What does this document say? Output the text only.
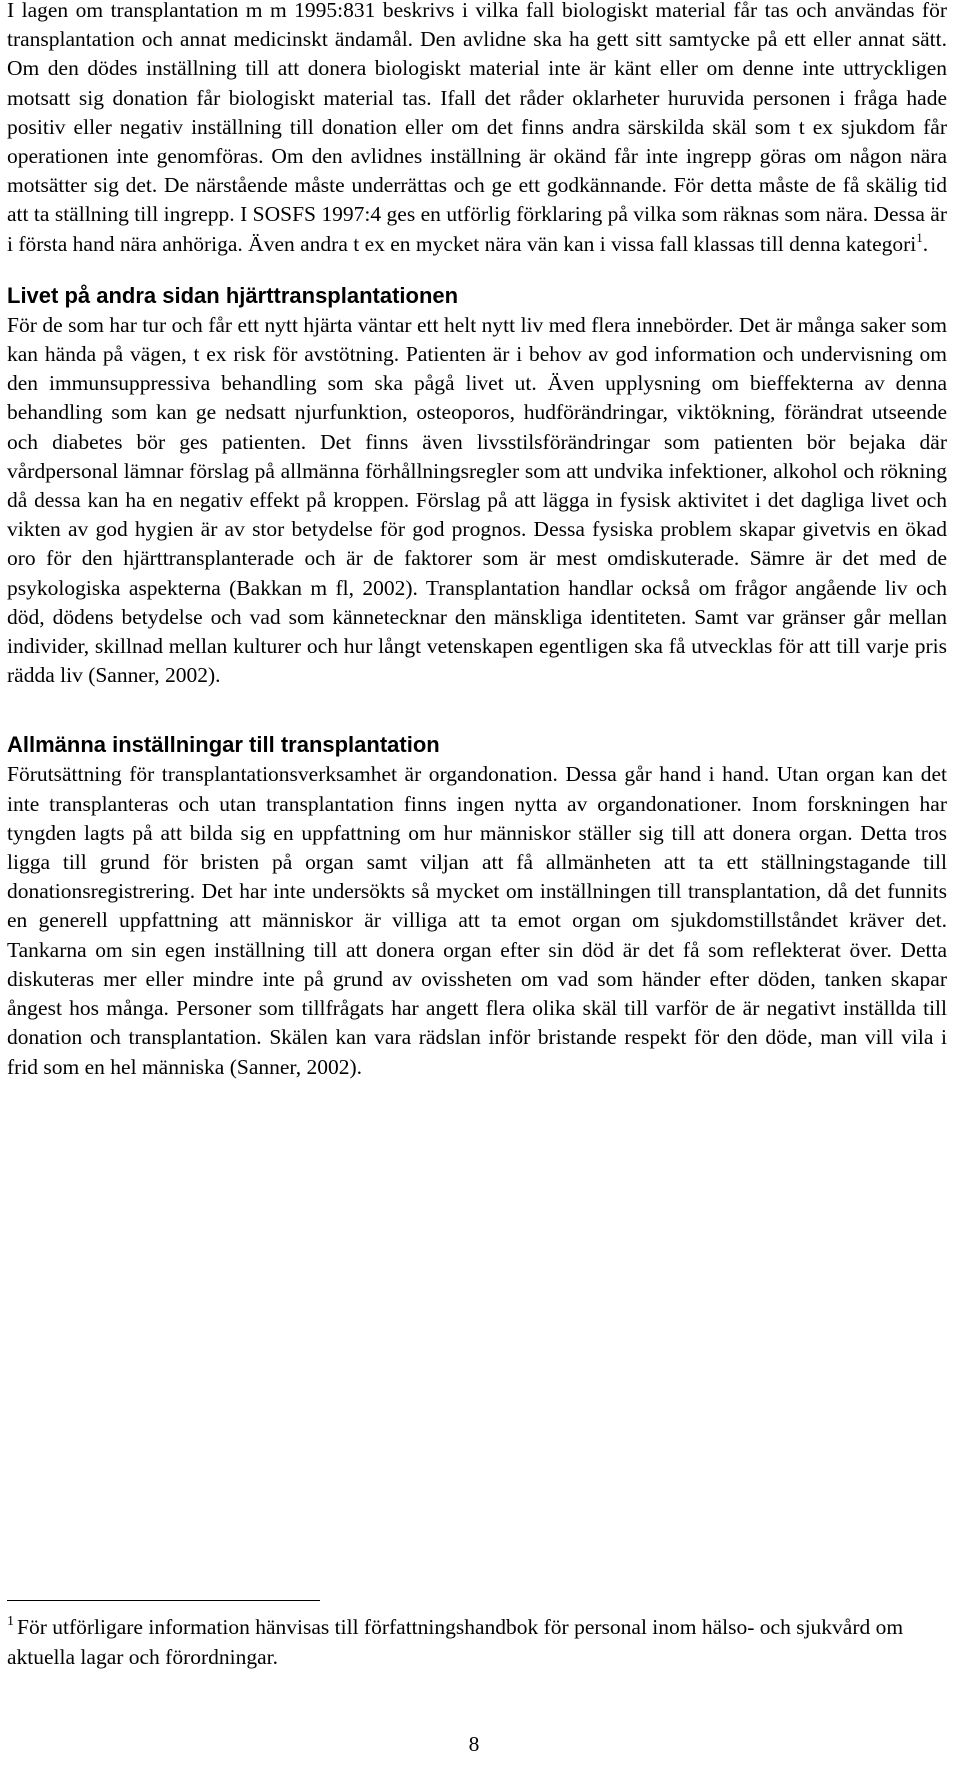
I lagen om transplantation m m 1995:831 beskrivs i vilka fall biologiskt material får tas och användas för transplantation och annat medicinskt ändamål. Den avlidne ska ha gett sitt samtycke på ett eller annat sätt. Om den dödes inställning till att donera biologiskt material inte är känt eller om denne inte uttryckligen motsatt sig donation får biologiskt material tas. Ifall det råder oklarheter huruvida personen i fråga hade positiv eller negativ inställning till donation eller om det finns andra särskilda skäl som t ex sjukdom får operationen inte genomföras. Om den avlidnes inställning är okänd får inte ingrepp göras om någon nära motsätter sig det. De närstående måste underrättas och ge ett godkännande. För detta måste de få skälig tid att ta ställning till ingrepp. I SOSFS 1997:4 ges en utförlig förklaring på vilka som räknas som nära. Dessa är i första hand nära anhöriga. Även andra t ex en mycket nära vän kan i vissa fall klassas till denna kategori$^1$.

Livet på andra sidan hjärttransplantationen

För de som har tur och får ett nytt hjärta väntar ett helt nytt liv med flera innebörder. Det är många saker som kan hända på vägen, t ex risk för avstötning. Patienten är i behov av god information och undervisning om den immunsuppressiva behandling som ska pågå livet ut. Även upplysning om bieffekterna av denna behandling som kan ge nedsatt njurfunktion, osteoporos, hudförändringar, viktökning, förändrat utseende och diabetes bör ges patienten. Det finns även livsstilsförändringar som patienten bör bejaka där vårdpersonal lämnar förslag på allmänna förhållningsregler som att undvika infektioner, alkohol och rökning då dessa kan ha en negativ effekt på kroppen. Förslag på att lägga in fysisk aktivitet i det dagliga livet och vikten av god hygien är av stor betydelse för god prognos. Dessa fysiska problem skapar givetvis en ökad oro för den hjärttransplanterade och är de faktorer som är mest omdiskuterade. Sämre är det med de psykologiska aspekterna (Bakkan m fl, 2002). Transplantation handlar också om frågor angående liv och död, dödens betydelse och vad som kännetecknar den mänskliga identiteten. Samt var gränser går mellan individer, skillnad mellan kulturer och hur långt vetenskapen egentligen ska få utvecklas för att till varje pris rädda liv (Sanner, 2002).

Allmänna inställningar till transplantation

Förutsättning för transplantationsverksamhet är organdonation. Dessa går hand i hand. Utan organ kan det inte transplanteras och utan transplantation finns ingen nytta av organdonationer. Inom forskningen har tyngden lagts på att bilda sig en uppfattning om hur människor ställer sig till att donera organ. Detta tros ligga till grund för bristen på organ samt viljan att få allmänheten att ta ett ställningstagande till donationsregistrering. Det har inte undersökts så mycket om inställningen till transplantation, då det funnits en generell uppfattning att människor är villiga att ta emot organ om sjukdomstillståndet kräver det. Tankarna om sin egen inställning till att donera organ efter sin död är det få som reflekterat över. Detta diskuteras mer eller mindre inte på grund av ovissheten om vad som händer efter döden, tanken skapar ångest hos många. Personer som tillfrågats har angett flera olika skäl till varför de är negativt inställda till donation och transplantation. Skälen kan vara rädslan inför bristande respekt för den döde, man vill vila i frid som en hel människa (Sanner, 2002).

$^1$ För utförligare information hänvisas till författningshandbok för personal inom hälso- och sjukvård om aktuella lagar och förordningar.

8
